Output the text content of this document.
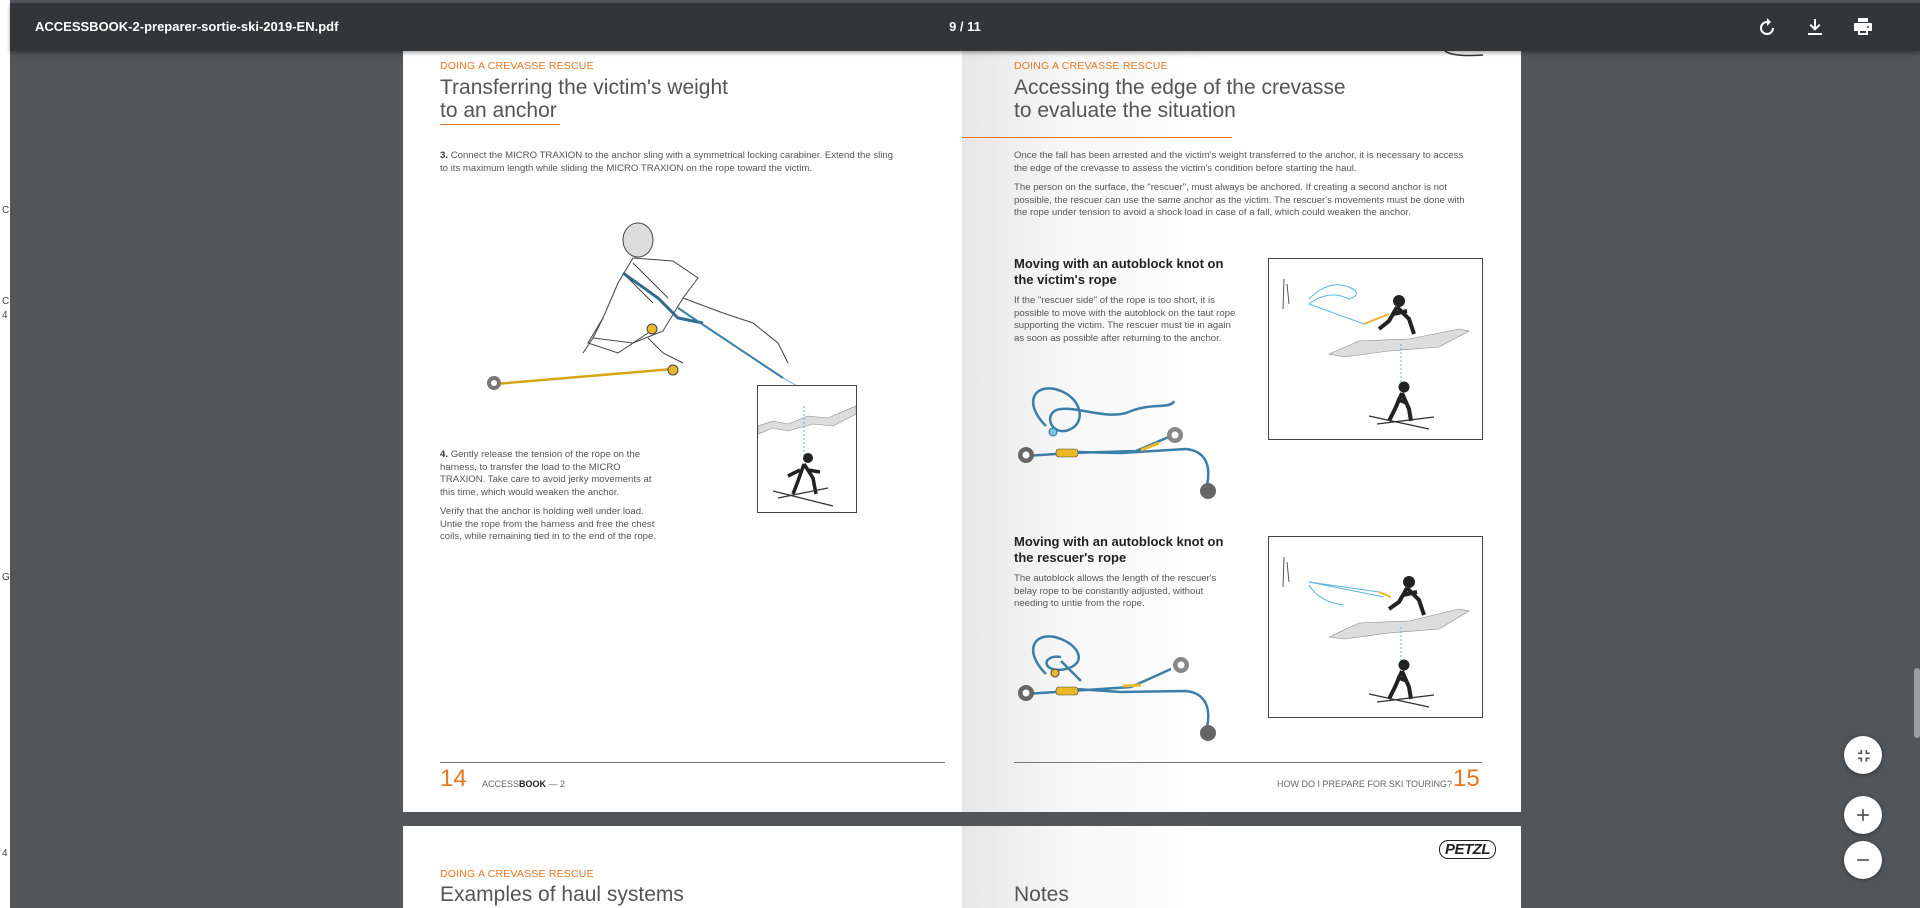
C
C
4
G
4
ACCESSBOOK-2-preparer-sortie-ski-2019-EN.pdf	9 / 11
DOING A CREVASSE RESCUE
Transferring the victim's weight
to an anchor

3. Connect the MICRO TRAXION to the anchor sling with a symmetrical locking carabiner. Extend the sling to its maximum length while sliding the MICRO TRAXION on the rope toward the victim.

4. Gently release the tension of the rope on the harness, to transfer the load to the MICRO TRAXION. Take care to avoid jerky movements at this time, which would weaken the anchor.

Verify that the anchor is holding well under load. Untie the rope from the harness and free the chest coils, while remaining tied in to the end of the rope.

14 ACCESSBOOK — 2
DOING A CREVASSE RESCUE
Accessing the edge of the crevasse
to evaluate the situation

Once the fall has been arrested and the victim's weight transferred to the anchor, it is necessary to access the edge of the crevasse to assess the victim's condition before starting the haul.

The person on the surface, the "rescuer", must always be anchored. If creating a second anchor is not possible, the rescuer can use the same anchor as the victim. The rescuer's movements must be done with the rope under tension to avoid a shock load in case of a fall, which could weaken the anchor.

Moving with an autoblock knot on the victim's rope

If the "rescuer side" of the rope is too short, it is possible to move with the autoblock on the taut rope supporting the victim. The rescuer must tie in again as soon as possible after returning to the anchor.

Moving with an autoblock knot on the rescuer's rope

The autoblock allows the length of the rescuer's belay rope to be constantly adjusted, without needing to untie from the rope.

HOW DO I PREPARE FOR SKI TOURING? 15
DOING A CREVASSE RESCUE
Examples of haul systems	Notes
PETZL
